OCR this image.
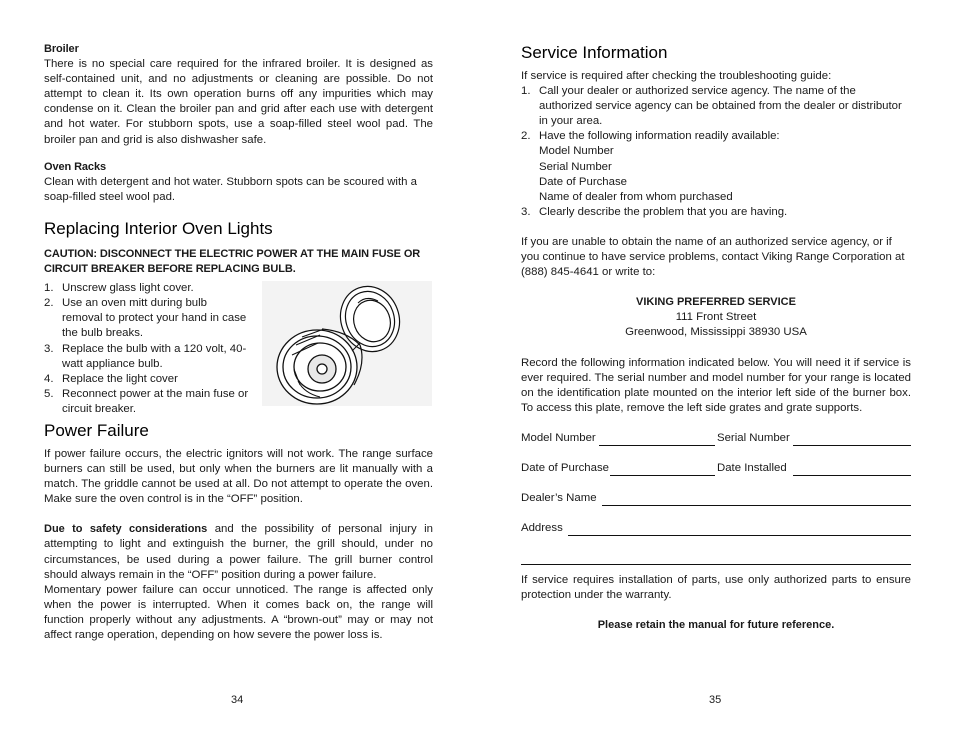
Broiler

There is no special care required for the infrared broiler. It is designed as self-contained unit, and no adjustments or cleaning are possible. Do not attempt to clean it. Its own operation burns off any impurities which may condense on it. Clean the broiler pan and grid after each use with detergent and hot water. For stubborn spots, use a soap-filled steel wool pad. The broiler pan and grid is also dishwasher safe.

Oven Racks

Clean with detergent and hot water. Stubborn spots can be scoured with a soap-filled steel wool pad.

Replacing Interior Oven Lights

CAUTION: DISCONNECT THE ELECTRIC POWER AT THE MAIN FUSE OR CIRCUIT BREAKER BEFORE REPLACING BULB.

1. Unscrew glass light cover.
2. Use an oven mitt during bulb removal to protect your hand in case the bulb breaks.
3. Replace the bulb with a 120 volt, 40-watt appliance bulb.
4. Replace the light cover
5. Reconnect power at the main fuse or circuit breaker.
Power Failure

If power failure occurs, the electric ignitors will not work. The range surface burners can still be used, but only when the burners are lit manually with a match. The griddle cannot be used at all. Do not attempt to operate the oven. Make sure the oven control is in the “OFF” position.

Due to safety considerations and the possibility of personal injury in attempting to light and extinguish the burner, the grill should, under no circumstances, be used during a power failure. The grill burner control should always remain in the “OFF” position during a power failure.

Momentary power failure can occur unnoticed. The range is affected only when the power is interrupted. When it comes back on, the range will function properly without any adjustments. A “brown-out” may or may not affect range operation, depending on how severe the power loss is.

34
Service Information

If service is required after checking the troubleshooting guide:

1. Call your dealer or authorized service agency. The name of the authorized service agency can be obtained from the dealer or distributor in your area.
2. Have the following information readily available:

Model Number

Serial Number

Date of Purchase

Name of dealer from whom purchased

3. Clearly describe the problem that you are having.

If you are unable to obtain the name of an authorized service agency, or if you continue to have service problems, contact Viking Range Corporation at (888) 845-4641 or write to:

VIKING PREFERRED SERVICE

111 Front Street

Greenwood, Mississippi 38930 USA

Record the following information indicated below. You will need it if service is ever required. The serial number and model number for your range is located on the identification plate mounted on the interior left side of the burner box. To access this plate, remove the left side grates and grate supports.

Model Number	Serial Number
Date of Purchase	Date Installed
Dealer’s Name
Address

If service requires installation of parts, use only authorized parts to ensure protection under the warranty.

Please retain the manual for future reference.

35
